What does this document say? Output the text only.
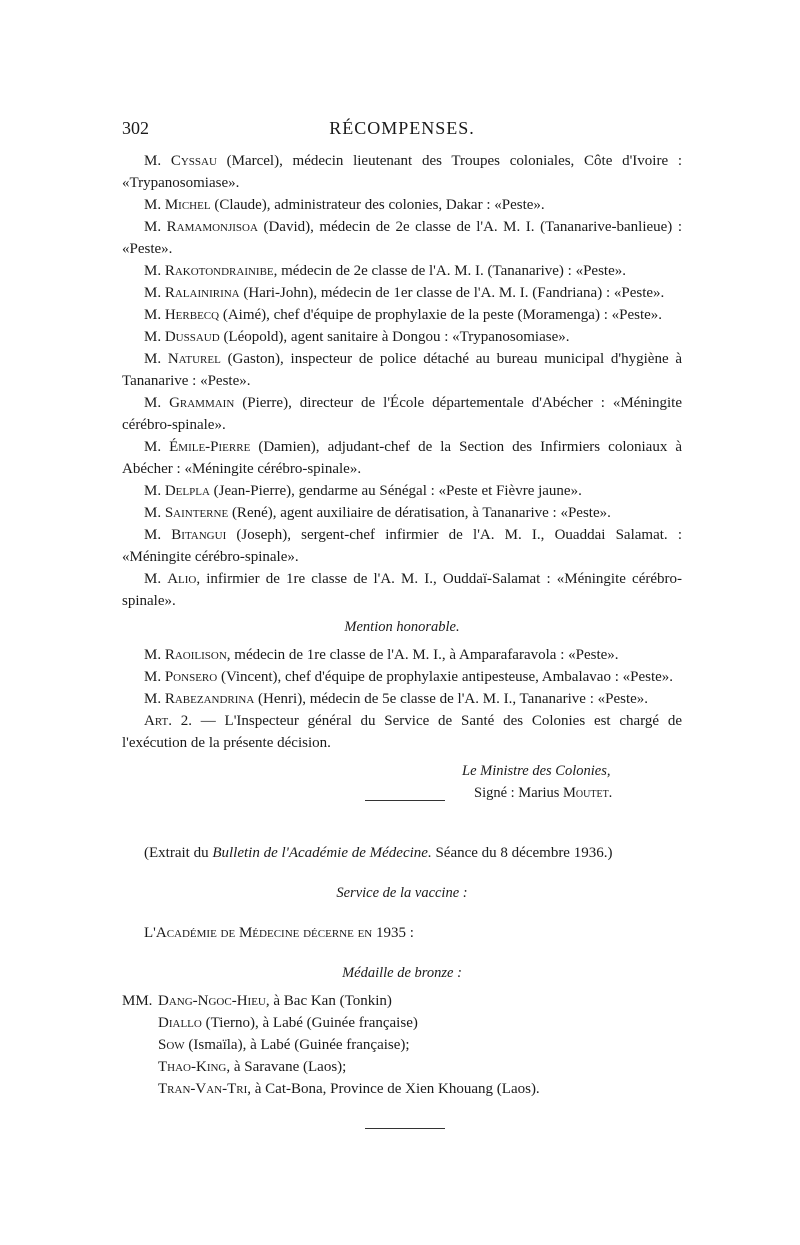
302	RÉCOMPENSES.

M. Cyssau (Marcel), médecin lieutenant des Troupes coloniales, Côte d'Ivoire : «Trypanosomiase».

M. Michel (Claude), administrateur des colonies, Dakar : «Peste».

M. Ramamonjisoa (David), médecin de 2e classe de l'A. M. I. (Tananarive-banlieue) : «Peste».

M. Rakotondrainibe, médecin de 2e classe de l'A. M. I. (Tananarive) : «Peste».

M. Ralainirina (Hari-John), médecin de 1er classe de l'A. M. I. (Fandriana) : «Peste».

M. Herbecq (Aimé), chef d'équipe de prophylaxie de la peste (Moramenga) : «Peste».

M. Dussaud (Léopold), agent sanitaire à Dongou : «Trypanosomiase».

M. Naturel (Gaston), inspecteur de police détaché au bureau municipal d'hygiène à Tananarive : «Peste».

M. Grammain (Pierre), directeur de l'École départementale d'Abécher : «Méningite cérébro-spinale».

M. Émile-Pierre (Damien), adjudant-chef de la Section des Infirmiers coloniaux à Abécher : «Méningite cérébro-spinale».

M. Delpla (Jean-Pierre), gendarme au Sénégal : «Peste et Fièvre jaune».

M. Sainterne (René), agent auxiliaire de dératisation, à Tananarive : «Peste».

M. Bitangui (Joseph), sergent-chef infirmier de l'A. M. I., Ouaddai Salamat. : «Méningite cérébro-spinale».

M. Alio, infirmier de 1re classe de l'A. M. I., Ouddaï-Salamat : «Méningite cérébro-spinale».

Mention honorable.

M. Raoilison, médecin de 1re classe de l'A. M. I., à Amparafaravola : «Peste».

M. Ponsero (Vincent), chef d'équipe de prophylaxie antipesteuse, Ambalavao : «Peste».

M. Rabezandrina (Henri), médecin de 5e classe de l'A. M. I., Tananarive : «Peste».

Art. 2. — L'Inspecteur général du Service de Santé des Colonies est chargé de l'exécution de la présente décision.

Le Ministre des Colonies,
Signé : Marius Moutet.

(Extrait du Bulletin de l'Académie de Médecine. Séance du 8 décembre 1936.)

Service de la vaccine :

L'Académie de Médecine décerne en 1935 :

Médaille de bronze :
MM. Dang-Ngoc-Hieu, à Bac Kan (Tonkin)
Diallo (Tierno), à Labé (Guinée française)
Sow (Ismaïla), à Labé (Guinée française);
Thao-King, à Saravane (Laos);
Tran-Van-Tri, à Cat-Bona, Province de Xien Khouang (Laos).
